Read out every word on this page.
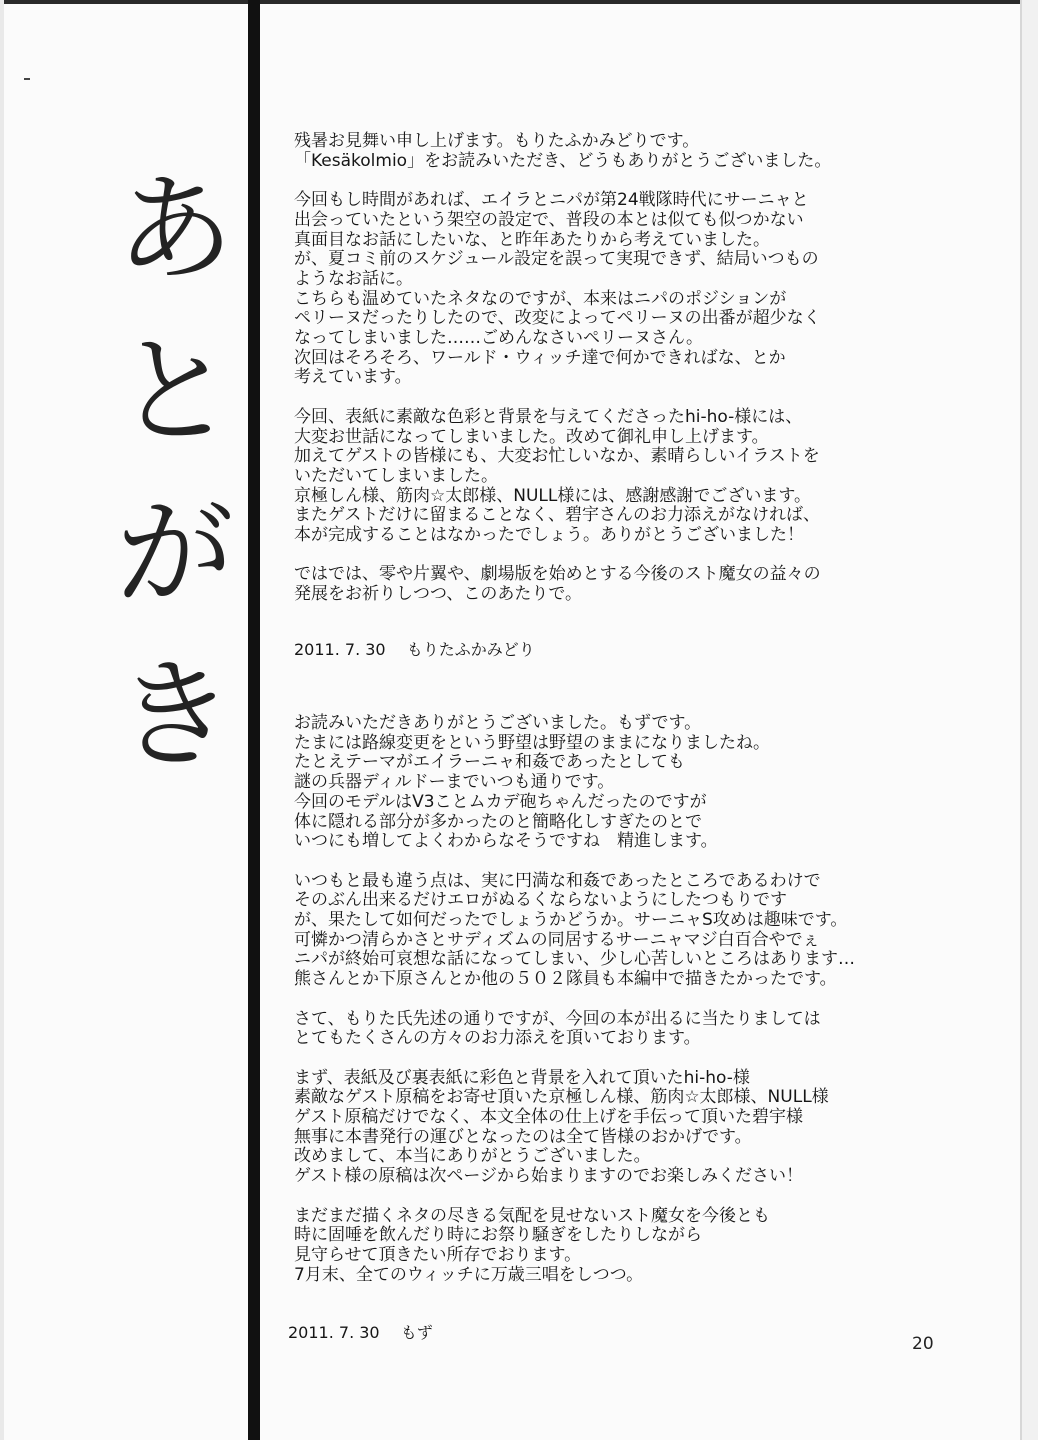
あ
と
が
き
残暑お見舞い申し上げます。もりたふかみどりです。
「Kesäkolmio」をお読みいただき、どうもありがとうございました。
今回もし時間があれば、エイラとニパが第24戦隊時代にサーニャと
出会っていたという架空の設定で、普段の本とは似ても似つかない
真面目なお話にしたいな、と昨年あたりから考えていました。
が、夏コミ前のスケジュール設定を誤って実現できず、結局いつもの
ようなお話に。
こちらも温めていたネタなのですが、本来はニパのポジションが
ペリーヌだったりしたので、改変によってペリーヌの出番が超少なく
なってしまいました……ごめんなさいペリーヌさん。
次回はそろそろ、ワールド・ウィッチ達で何かできればな、とか
考えています。
今回、表紙に素敵な色彩と背景を与えてくださったhi-ho-様には、
大変お世話になってしまいました。改めて御礼申し上げます。
加えてゲストの皆様にも、大変お忙しいなか、素晴らしいイラストを
いただいてしまいました。
京極しん様、筋肉☆太郎様、NULL様には、感謝感謝でございます。
またゲストだけに留まることなく、碧宇さんのお力添えがなければ、
本が完成することはなかったでしょう。ありがとうございました！
ではでは、零や片翼や、劇場版を始めとする今後のスト魔女の益々の
発展をお祈りしつつ、このあたりで。
2011. 7. 30　 もりたふかみどり
お読みいただきありがとうございました。もずです。
たまには路線変更をという野望は野望のままになりましたね。
たとえテーマがエイラーニャ和姦であったとしても
謎の兵器ディルドーまでいつも通りです。
今回のモデルはV3ことムカデ砲ちゃんだったのですが
体に隠れる部分が多かったのと簡略化しすぎたのとで
いつにも増してよくわからなそうですね　精進します。
いつもと最も違う点は、実に円満な和姦であったところであるわけで
そのぶん出来るだけエロがぬるくならないようにしたつもりです
が、果たして如何だったでしょうかどうか。サーニャS攻めは趣味です。
可憐かつ清らかさとサディズムの同居するサーニャマジ白百合やでぇ
ニパが終始可哀想な話になってしまい、少し心苦しいところはあります…
熊さんとか下原さんとか他の５０２隊員も本編中で描きたかったです。
さて、もりた氏先述の通りですが、今回の本が出るに当たりましては
とてもたくさんの方々のお力添えを頂いております。
まず、表紙及び裏表紙に彩色と背景を入れて頂いたhi-ho-様
素敵なゲスト原稿をお寄せ頂いた京極しん様、筋肉☆太郎様、NULL様
ゲスト原稿だけでなく、本文全体の仕上げを手伝って頂いた碧宇様
無事に本書発行の運びとなったのは全て皆様のおかげです。
改めまして、本当にありがとうございました。
ゲスト様の原稿は次ページから始まりますのでお楽しみください！
まだまだ描くネタの尽きる気配を見せないスト魔女を今後とも
時に固唾を飲んだり時にお祭り騒ぎをしたりしながら
見守らせて頂きたい所存でおります。
7月末、全てのウィッチに万歳三唱をしつつ。
2011. 7. 30　 もず
20
